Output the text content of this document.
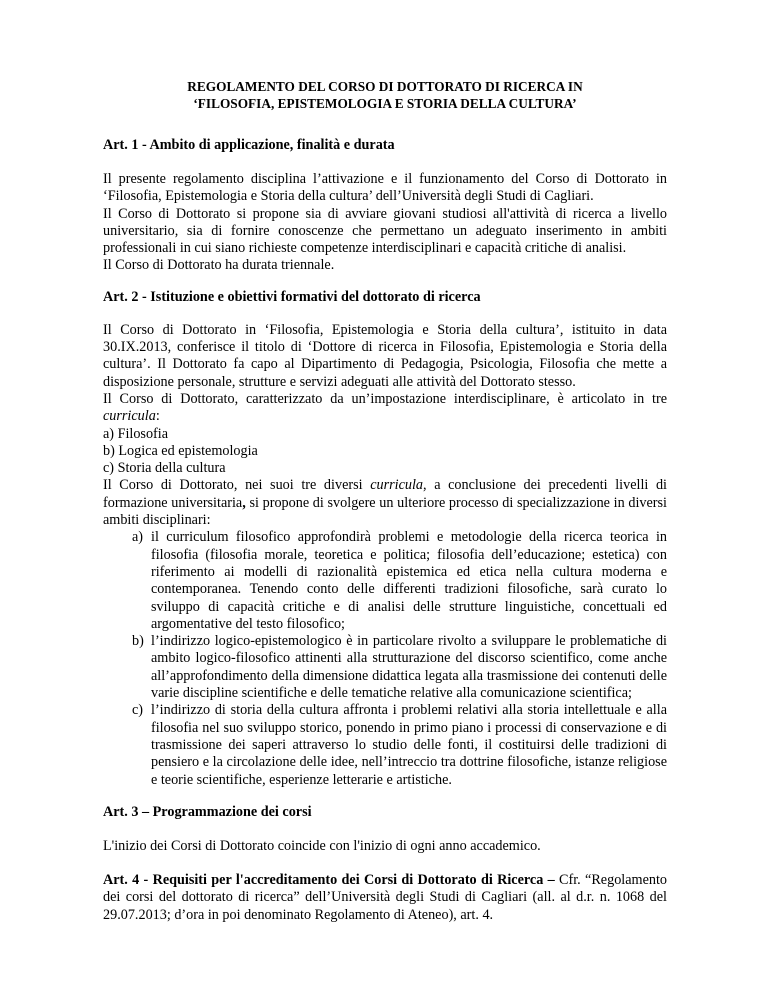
REGOLAMENTO DEL CORSO DI DOTTORATO DI RICERCA IN

‘FILOSOFIA, EPISTEMOLOGIA E STORIA DELLA CULTURA’

Art. 1 - Ambito di applicazione, finalità e durata

Il presente regolamento disciplina l’attivazione e il funzionamento del Corso di Dottorato in ‘Filosofia, Epistemologia e Storia della cultura’ dell’Università degli Studi di Cagliari.

Il Corso di Dottorato si propone sia di avviare giovani studiosi all'attività di ricerca a livello universitario, sia di fornire conoscenze che permettano un adeguato inserimento in ambiti professionali in cui siano richieste competenze interdisciplinari e capacità critiche di analisi.

Il Corso di Dottorato ha durata triennale.

Art. 2 - Istituzione e obiettivi formativi del dottorato di ricerca

Il Corso di Dottorato in ‘Filosofia, Epistemologia e Storia della cultura’, istituito in data 30.IX.2013, conferisce il titolo di ‘Dottore di ricerca in Filosofia, Epistemologia e Storia della cultura’. Il Dottorato fa capo al Dipartimento di Pedagogia, Psicologia, Filosofia che mette a disposizione personale, strutture e servizi adeguati alle attività del Dottorato stesso.

Il Corso di Dottorato, caratterizzato da un’impostazione interdisciplinare, è articolato in tre curricula:

a) Filosofia

b) Logica ed epistemologia

c) Storia della cultura

Il Corso di Dottorato, nei suoi tre diversi curricula, a conclusione dei precedenti livelli di formazione universitaria, si propone di svolgere un ulteriore processo di specializzazione in diversi ambiti disciplinari:

a) il curriculum filosofico approfondirà problemi e metodologie della ricerca teorica in filosofia (filosofia morale, teoretica e politica; filosofia dell’educazione; estetica) con riferimento ai modelli di razionalità epistemica ed etica nella cultura moderna e contemporanea. Tenendo conto delle differenti tradizioni filosofiche, sarà curato lo sviluppo di capacità critiche e di analisi delle strutture linguistiche, concettuali ed argomentative del testo filosofico;
b) l’indirizzo logico-epistemologico è in particolare rivolto a sviluppare le problematiche di ambito logico-filosofico attinenti alla strutturazione del discorso scientifico, come anche all’approfondimento della dimensione didattica legata alla trasmissione dei contenuti delle varie discipline scientifiche e delle tematiche relative alla comunicazione scientifica;
c) l’indirizzo di storia della cultura affronta i problemi relativi alla storia intellettuale e alla filosofia nel suo sviluppo storico, ponendo in primo piano i processi di conservazione e di trasmissione dei saperi attraverso lo studio delle fonti, il costituirsi delle tradizioni di pensiero e la circolazione delle idee, nell’intreccio tra dottrine filosofiche, istanze religiose e teorie scientifiche, esperienze letterarie e artistiche.

Art. 3 – Programmazione dei corsi

L'inizio dei Corsi di Dottorato coincide con l'inizio di ogni anno accademico.

Art. 4 - Requisiti per l'accreditamento dei Corsi di Dottorato di Ricerca – Cfr. “Regolamento dei corsi del dottorato di ricerca” dell’Università degli Studi di Cagliari (all. al d.r. n. 1068 del 29.07.2013; d’ora in poi denominato Regolamento di Ateneo), art. 4.
